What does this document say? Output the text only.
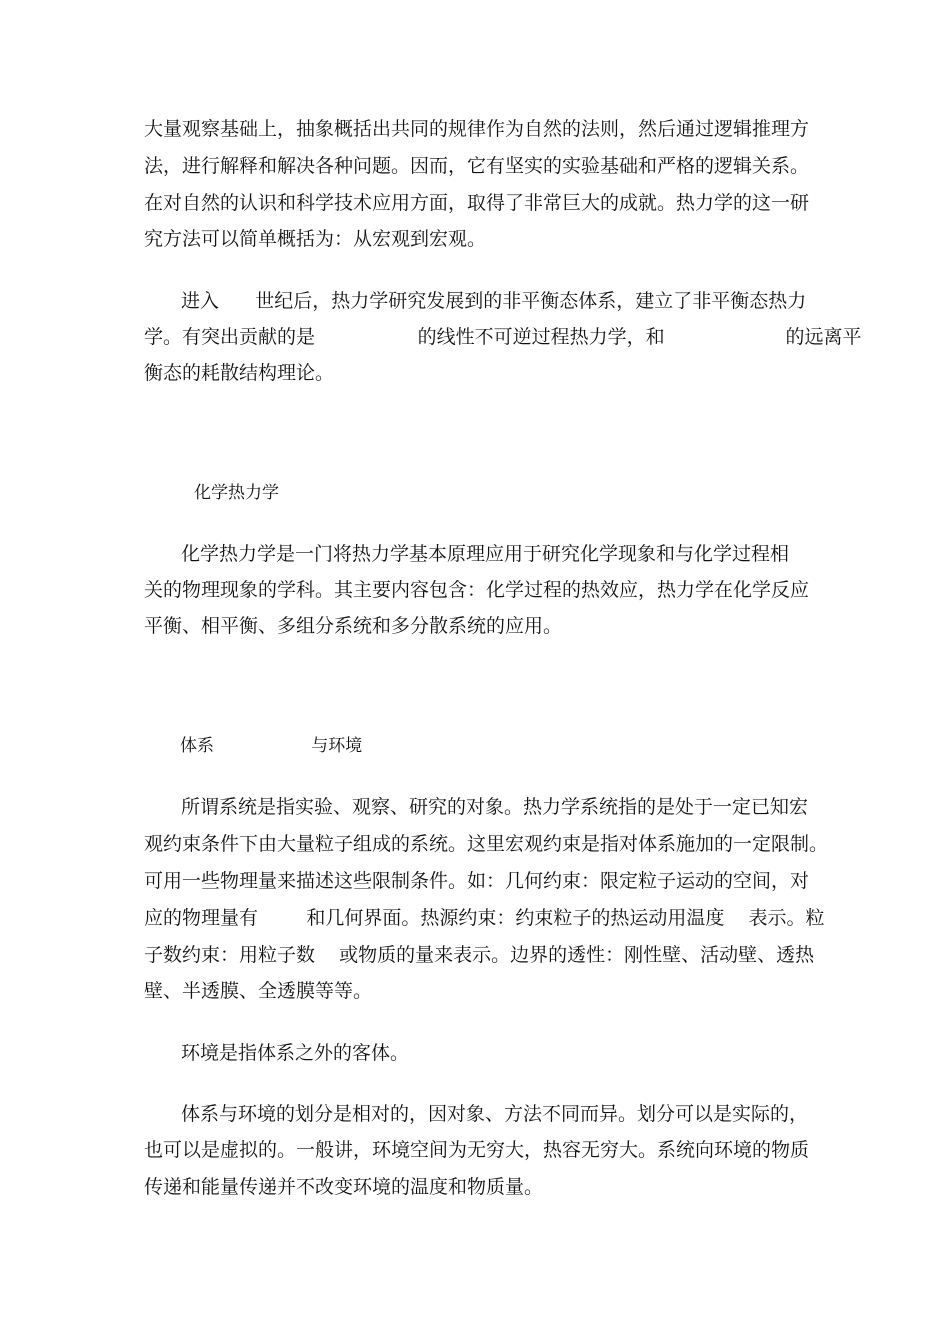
大量观察基础上，抽象概括出共同的规律作为自然的法则，然后通过逻辑推理方
法，进行解释和解决各种问题。因而，它有坚实的实验基础和严格的逻辑关系。
在对自然的认识和科学技术应用方面，取得了非常巨大的成就。热力学的这一研
究方法可以简单概括为：从宏观到宏观。
进入      世纪后，热力学研究发展到的非平衡态体系，建立了非平衡态热力
学。有突出贡献的是                 的线性不可逆过程热力学，和                    的远离平
衡态的耗散结构理论。
化学热力学
化学热力学是一门将热力学基本原理应用于研究化学现象和与化学过程相
关的物理现象的学科。其主要内容包含：化学过程的热效应，热力学在化学反应
平衡、相平衡、多组分系统和多分散系统的应用。
体系                  与环境
所谓系统是指实验、观察、研究的对象。热力学系统指的是处于一定已知宏
观约束条件下由大量粒子组成的系统。这里宏观约束是指对体系施加的一定限制。
可用一些物理量来描述这些限制条件。如：几何约束：限定粒子运动的空间，对
应的物理量有        和几何界面。热源约束：约束粒子的热运动用温度    表示。粒
子数约束：用粒子数    或物质的量来表示。边界的透性：刚性壁、活动壁、透热
壁、半透膜、全透膜等等。
环境是指体系之外的客体。
体系与环境的划分是相对的，因对象、方法不同而异。划分可以是实际的，
也可以是虚拟的。一般讲，环境空间为无穷大，热容无穷大。系统向环境的物质
传递和能量传递并不改变环境的温度和物质量。
